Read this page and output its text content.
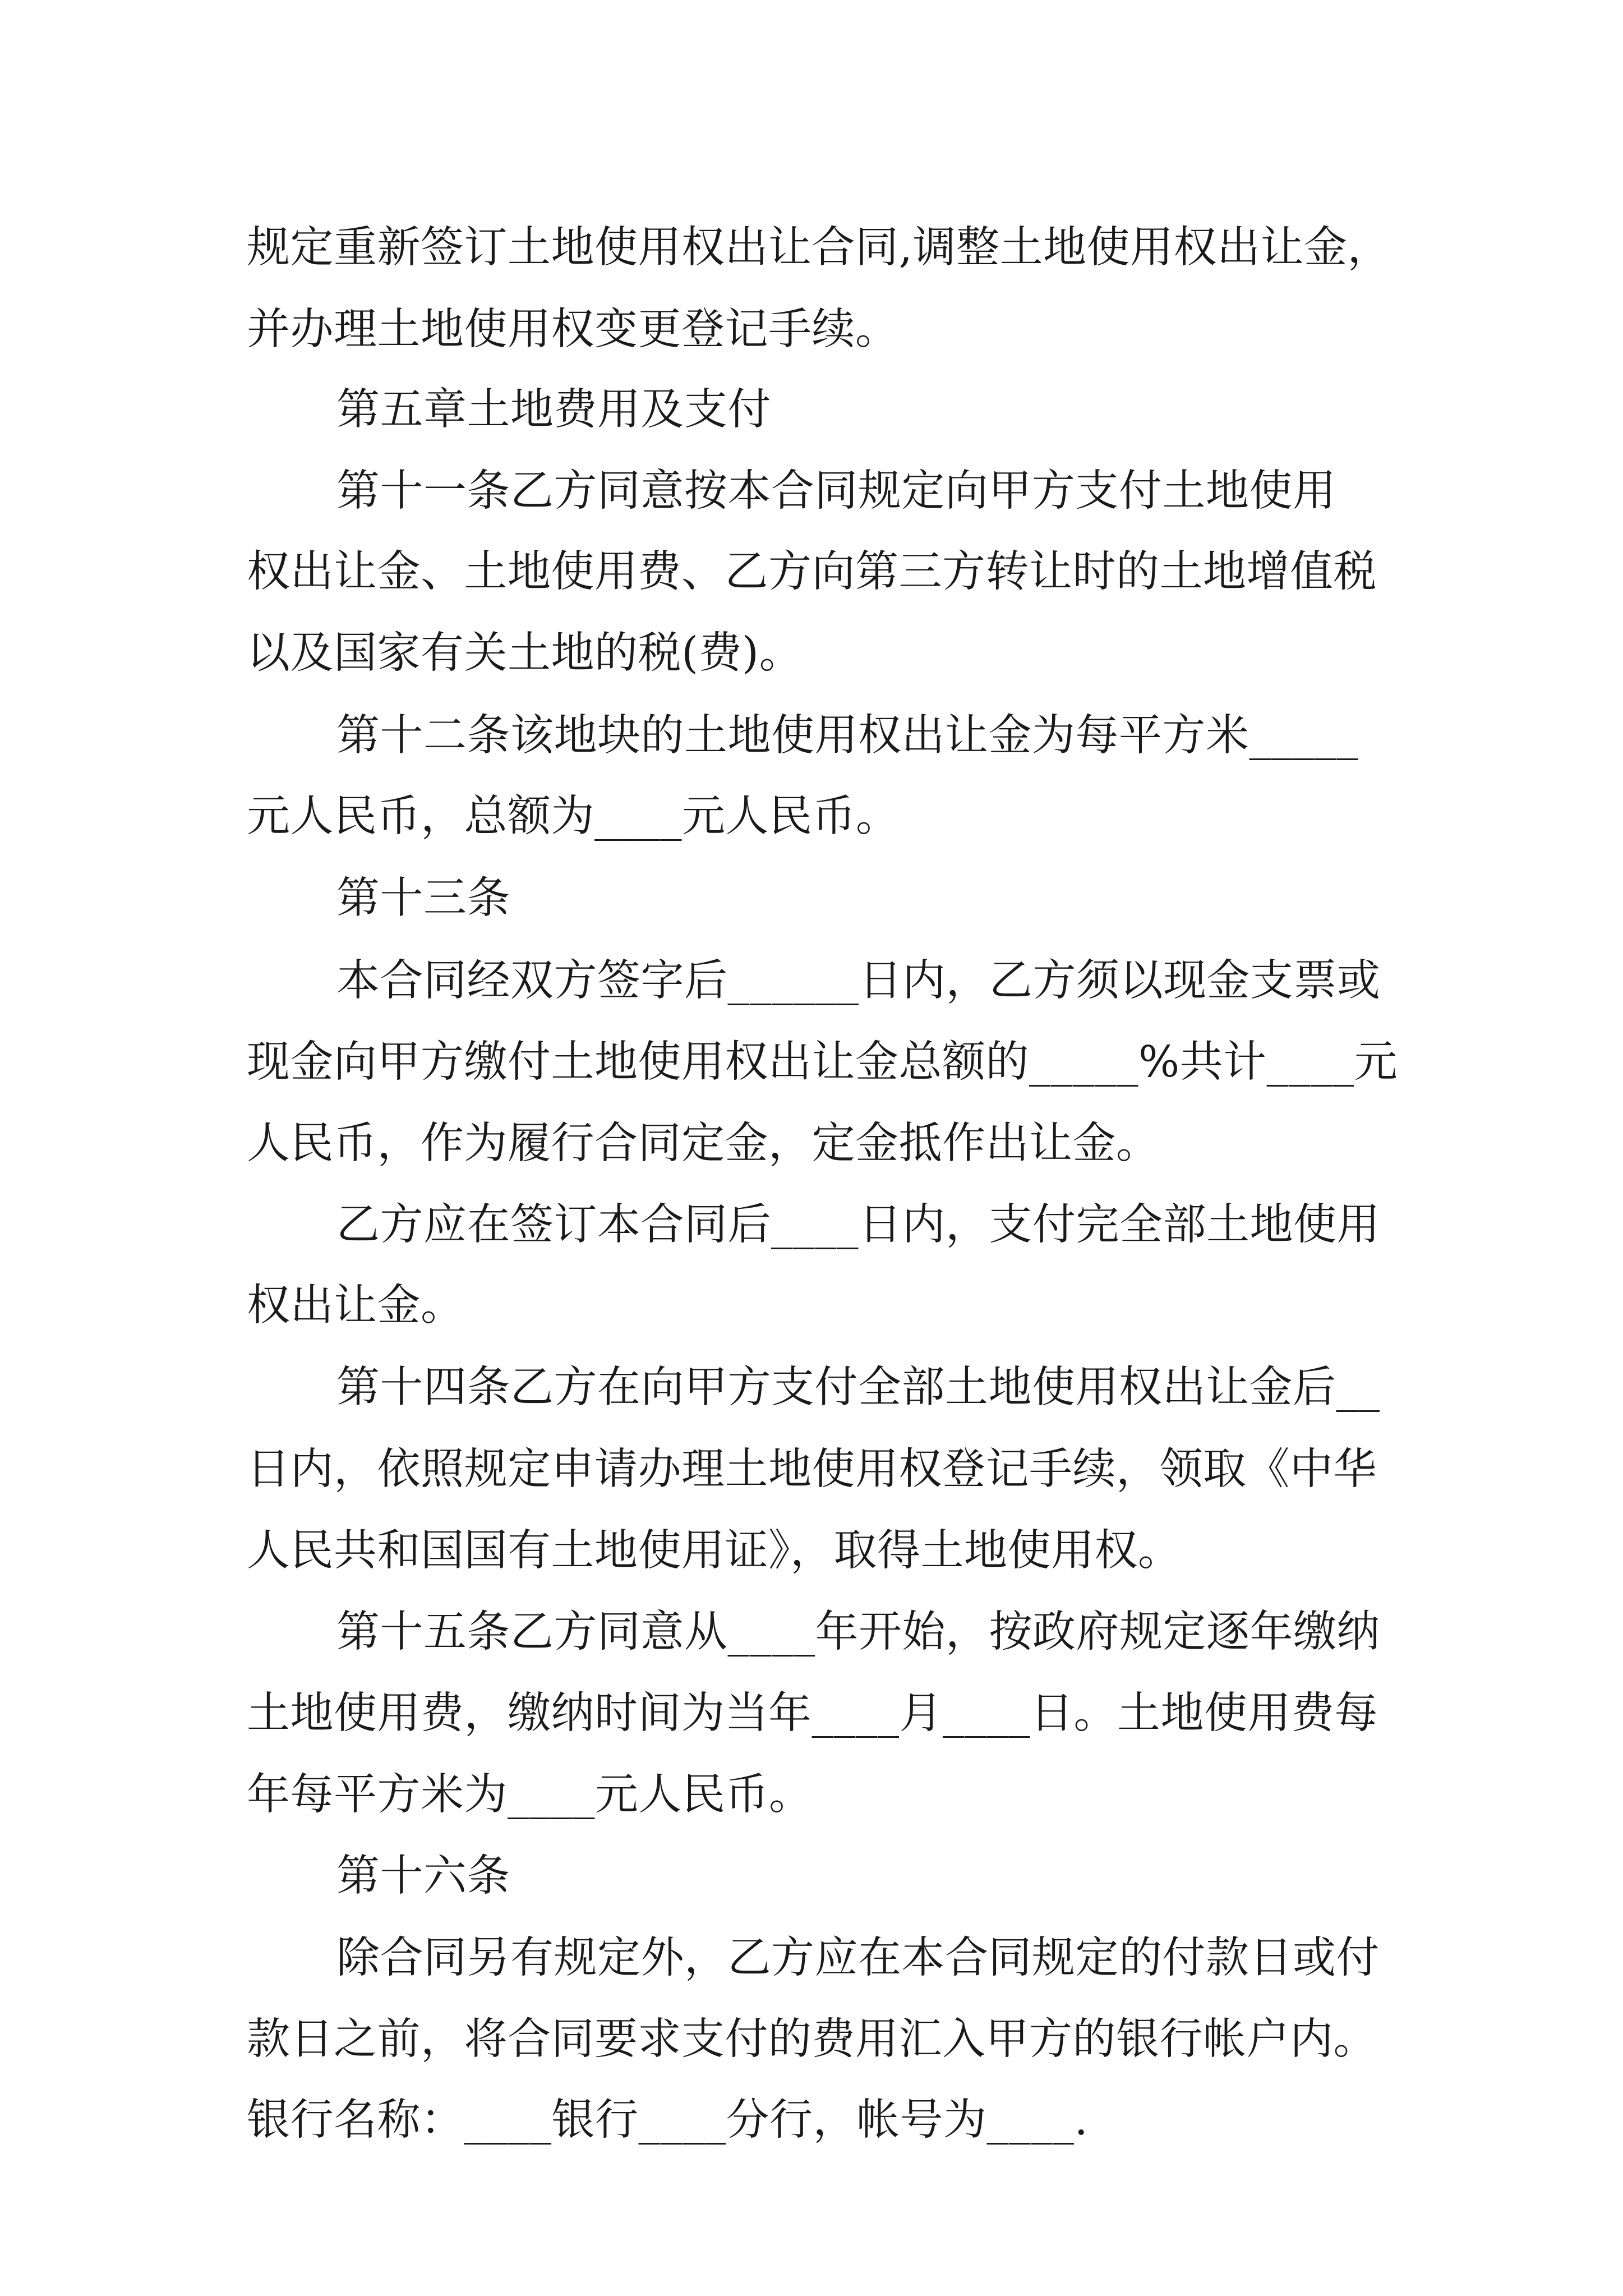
规定重新签订土地使用权出让合同,调整土地使用权出让金，
并办理土地使用权变更登记手续。
第五章土地费用及支付
第十一条乙方同意按本合同规定向甲方支付土地使用
权出让金、土地使用费、乙方向第三方转让时的土地增值税
以及国家有关土地的税(费)。
第十二条该地块的土地使用权出让金为每平方米_____
元人民币，总额为____元人民币。
第十三条
本合同经双方签字后______日内，乙方须以现金支票或
现金向甲方缴付土地使用权出让金总额的_____%共计____元
人民币，作为履行合同定金，定金抵作出让金。
乙方应在签订本合同后____日内，支付完全部土地使用
权出让金。
第十四条乙方在向甲方支付全部土地使用权出让金后__
日内，依照规定申请办理土地使用权登记手续，领取《中华
人民共和国国有土地使用证》，取得土地使用权。
第十五条乙方同意从____年开始，按政府规定逐年缴纳
土地使用费，缴纳时间为当年____月____日。土地使用费每
年每平方米为____元人民币。
第十六条
除合同另有规定外，乙方应在本合同规定的付款日或付
款日之前，将合同要求支付的费用汇入甲方的银行帐户内。
银行名称：____银行____分行，帐号为____.
